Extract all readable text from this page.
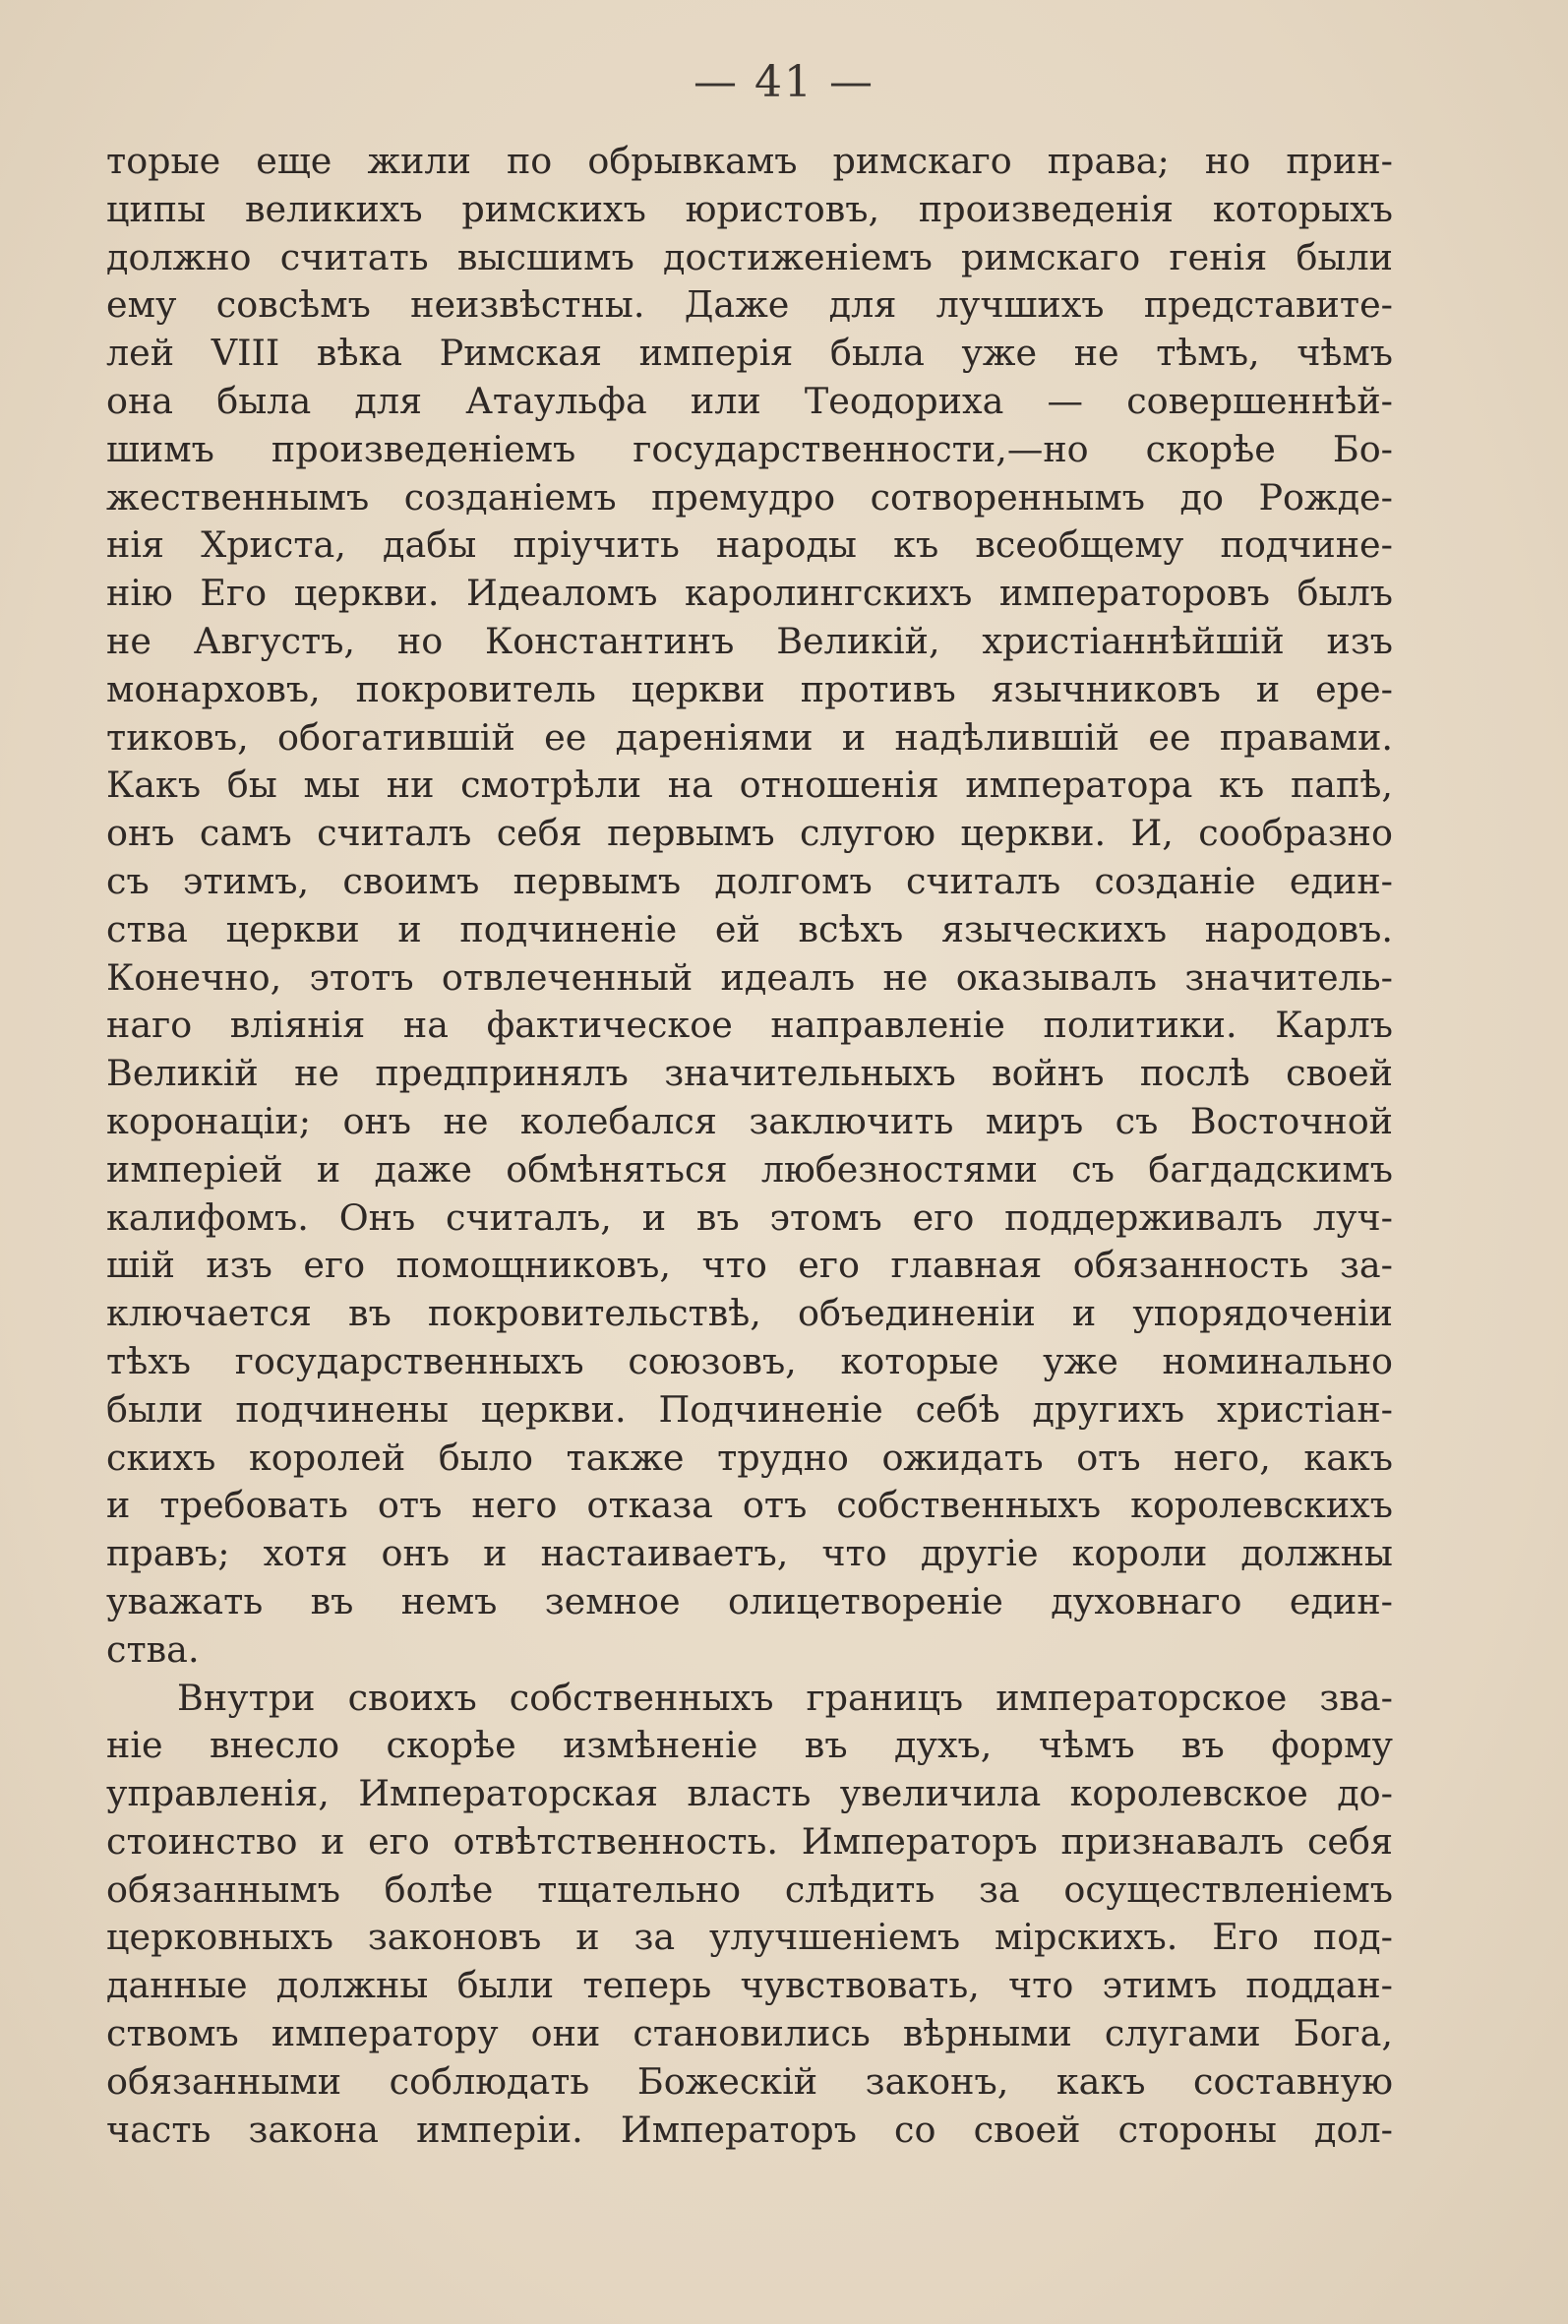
— 41 —
торые еще жили по обрывкамъ римскаго права; но прин-
ципы великихъ римскихъ юристовъ, произведенія которыхъ
должно считать высшимъ достиженіемъ римскаго генія были
ему совсѣмъ неизвѣстны. Даже для лучшихъ представите-
лей VIII вѣка Римская имперія была уже не тѣмъ, чѣмъ
она была для Атаульфа или Теодориха — совершеннѣй-
шимъ произведеніемъ государственности,—но скорѣе Бо-
жественнымъ созданіемъ премудро сотвореннымъ до Рожде-
нія Христа, дабы пріучить народы къ всеобщему подчине-
нію Его церкви. Идеаломъ каролингскихъ императоровъ былъ
не Августъ, но Константинъ Великій, христіаннѣйшій изъ
монарховъ, покровитель церкви противъ язычниковъ и ере-
тиковъ, обогатившій ее дареніями и надѣлившій ее правами.
Какъ бы мы ни смотрѣли на отношенія императора къ папѣ,
онъ самъ считалъ себя первымъ слугою церкви. И, сообразно
съ этимъ, своимъ первымъ долгомъ считалъ созданіе един-
ства церкви и подчиненіе ей всѣхъ языческихъ народовъ.
Конечно, этотъ отвлеченный идеалъ не оказывалъ значитель-
наго вліянія на фактическое направленіе политики. Карлъ
Великій не предпринялъ значительныхъ войнъ послѣ своей
коронаціи; онъ не колебался заключить миръ съ Восточной
имперіей и даже обмѣняться любезностями съ багдадскимъ
калифомъ. Онъ считалъ, и въ этомъ его поддерживалъ луч-
шій изъ его помощниковъ, что его главная обязанность за-
ключается въ покровительствѣ, объединеніи и упорядоченіи
тѣхъ государственныхъ союзовъ, которые уже номинально
были подчинены церкви. Подчиненіе себѣ другихъ христіан-
скихъ королей было также трудно ожидать отъ него, какъ
и требовать отъ него отказа отъ собственныхъ королевскихъ
правъ; хотя онъ и настаиваетъ, что другіе короли должны
уважать въ немъ земное олицетвореніе духовнаго един-
ства.
Внутри своихъ собственныхъ границъ императорское зва-
ніе внесло скорѣе измѣненіе въ духъ, чѣмъ въ форму
управленія, Императорская власть увеличила королевское до-
стоинство и его отвѣтственность. Императоръ признавалъ себя
обязаннымъ болѣе тщательно слѣдить за осуществленіемъ
церковныхъ законовъ и за улучшеніемъ мірскихъ. Его под-
данные должны были теперь чувствовать, что этимъ поддан-
ствомъ императору они становились вѣрными слугами Бога,
обязанными соблюдать Божескій законъ, какъ составную
часть закона имперіи. Императоръ со своей стороны дол-
